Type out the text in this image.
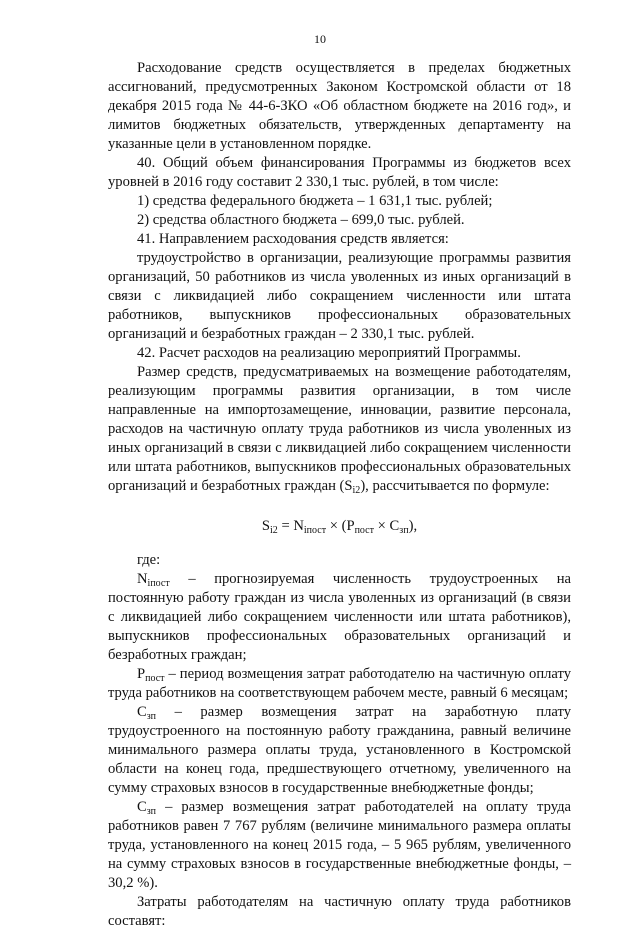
10

Расходование средств осуществляется в пределах бюджетных ассигнований, предусмотренных Законом Костромской области от 18 декабря 2015 года № 44-6-ЗКО «Об областном бюджете на 2016 год», и лимитов бюджетных обязательств, утвержденных департаменту на указанные цели в установленном порядке.

40. Общий объем финансирования Программы из бюджетов всех уровней в 2016 году составит 2 330,1 тыс. рублей, в том числе:

1) средства федерального бюджета – 1 631,1 тыс. рублей;

2) средства областного бюджета – 699,0 тыс. рублей.

41. Направлением расходования средств является:

трудоустройство в организации, реализующие программы развития организаций, 50 работников из числа уволенных из иных организаций в связи с ликвидацией либо сокращением численности или штата работников, выпускников профессиональных образовательных организаций и безработных граждан – 2 330,1 тыс. рублей.

42. Расчет расходов на реализацию мероприятий Программы.

Размер средств, предусматриваемых на возмещение работодателям, реализующим программы развития организации, в том числе направленные на импортозамещение, инновации, развитие персонала, расходов на частичную оплату труда работников из числа уволенных из иных организаций в связи с ликвидацией либо сокращением численности или штата работников, выпускников профессиональных образовательных организаций и безработных граждан $(S_{i2})$, рассчитывается по формуле:

$S_{i2} = N_{iпост} \times (P_{пост} \times C_{зп})$,

где:

$N_{iпост}$ – прогнозируемая численность трудоустроенных на постоянную работу граждан из числа уволенных из организаций (в связи с ликвидацией либо сокращением численности или штата работников), выпускников профессиональных образовательных организаций и безработных граждан;

$P_{пост}$ – период возмещения затрат работодателю на частичную оплату труда работников на соответствующем рабочем месте, равный 6 месяцам;

$C_{зп}$ – размер возмещения затрат на заработную плату трудоустроенного на постоянную работу гражданина, равный величине минимального размера оплаты труда, установленного в Костромской области на конец года, предшествующего отчетному, увеличенного на сумму страховых взносов в государственные внебюджетные фонды;

$C_{зп}$ – размер возмещения затрат работодателей на оплату труда работников равен 7 767 рублям (величине минимального размера оплаты труда, установленного на конец 2015 года, – 5 965 рублям, увеличенного на сумму страховых взносов в государственные внебюджетные фонды, – 30,2 %).

Затраты работодателям на частичную оплату труда работников составят:
